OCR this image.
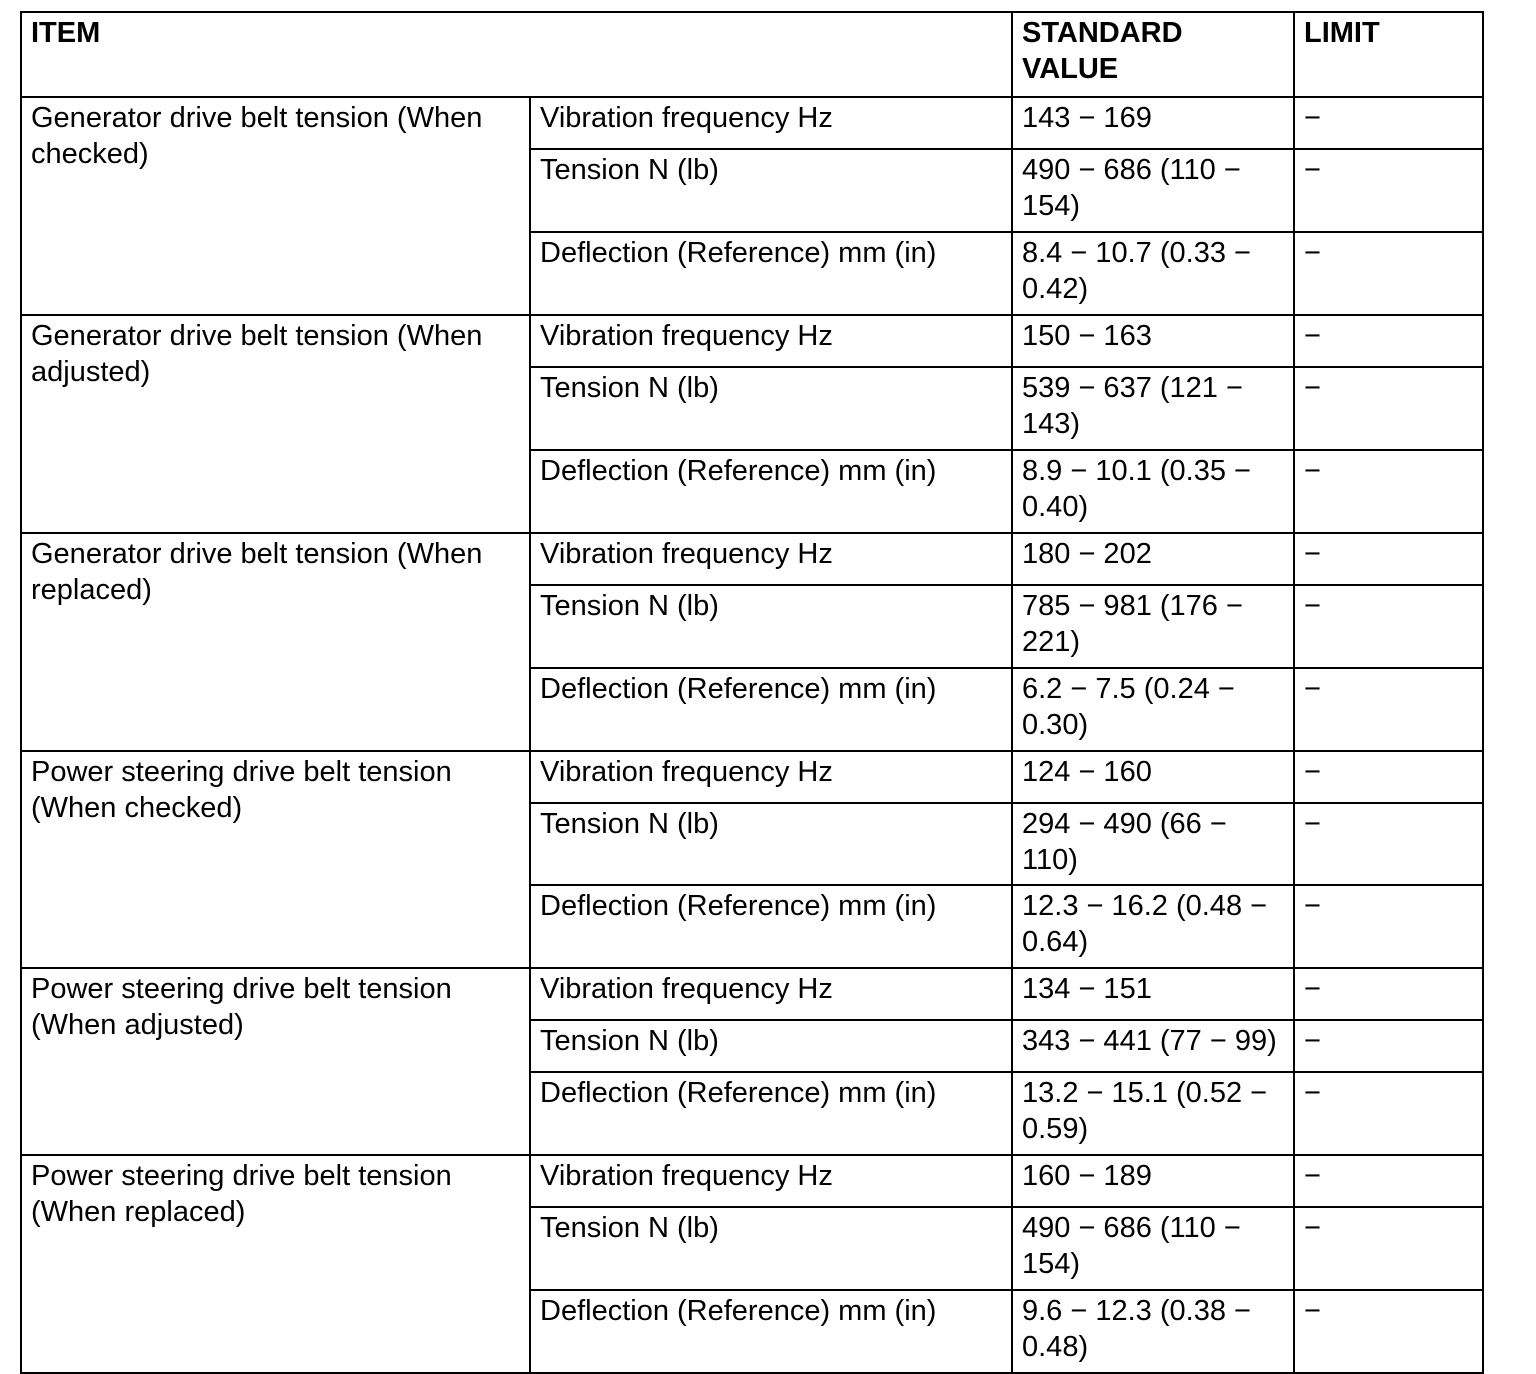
ITEM		STANDARD VALUE	LIMIT
Generator drive belt tension (When checked)	Vibration frequency Hz	143 − 169	−
	Tension N (lb)	490 − 686 (110 − 154)	−
	Deflection (Reference) mm (in)	8.4 − 10.7 (0.33 − 0.42)	−
Generator drive belt tension (When adjusted)	Vibration frequency Hz	150 − 163	−
	Tension N (lb)	539 − 637 (121 − 143)	−
	Deflection (Reference) mm (in)	8.9 − 10.1 (0.35 − 0.40)	−
Generator drive belt tension (When replaced)	Vibration frequency Hz	180 − 202	−
	Tension N (lb)	785 − 981 (176 − 221)	−
	Deflection (Reference) mm (in)	6.2 − 7.5 (0.24 − 0.30)	−
Power steering drive belt tension (When checked)	Vibration frequency Hz	124 − 160	−
	Tension N (lb)	294 − 490 (66 − 110)	−
	Deflection (Reference) mm (in)	12.3 − 16.2 (0.48 − 0.64)	−
Power steering drive belt tension (When adjusted)	Vibration frequency Hz	134 − 151	−
	Tension N (lb)	343 − 441 (77 − 99)	−
	Deflection (Reference) mm (in)	13.2 − 15.1 (0.52 − 0.59)	−
Power steering drive belt tension (When replaced)	Vibration frequency Hz	160 − 189	−
	Tension N (lb)	490 − 686 (110 − 154)	−
	Deflection (Reference) mm (in)	9.6 − 12.3 (0.38 − 0.48)	−
